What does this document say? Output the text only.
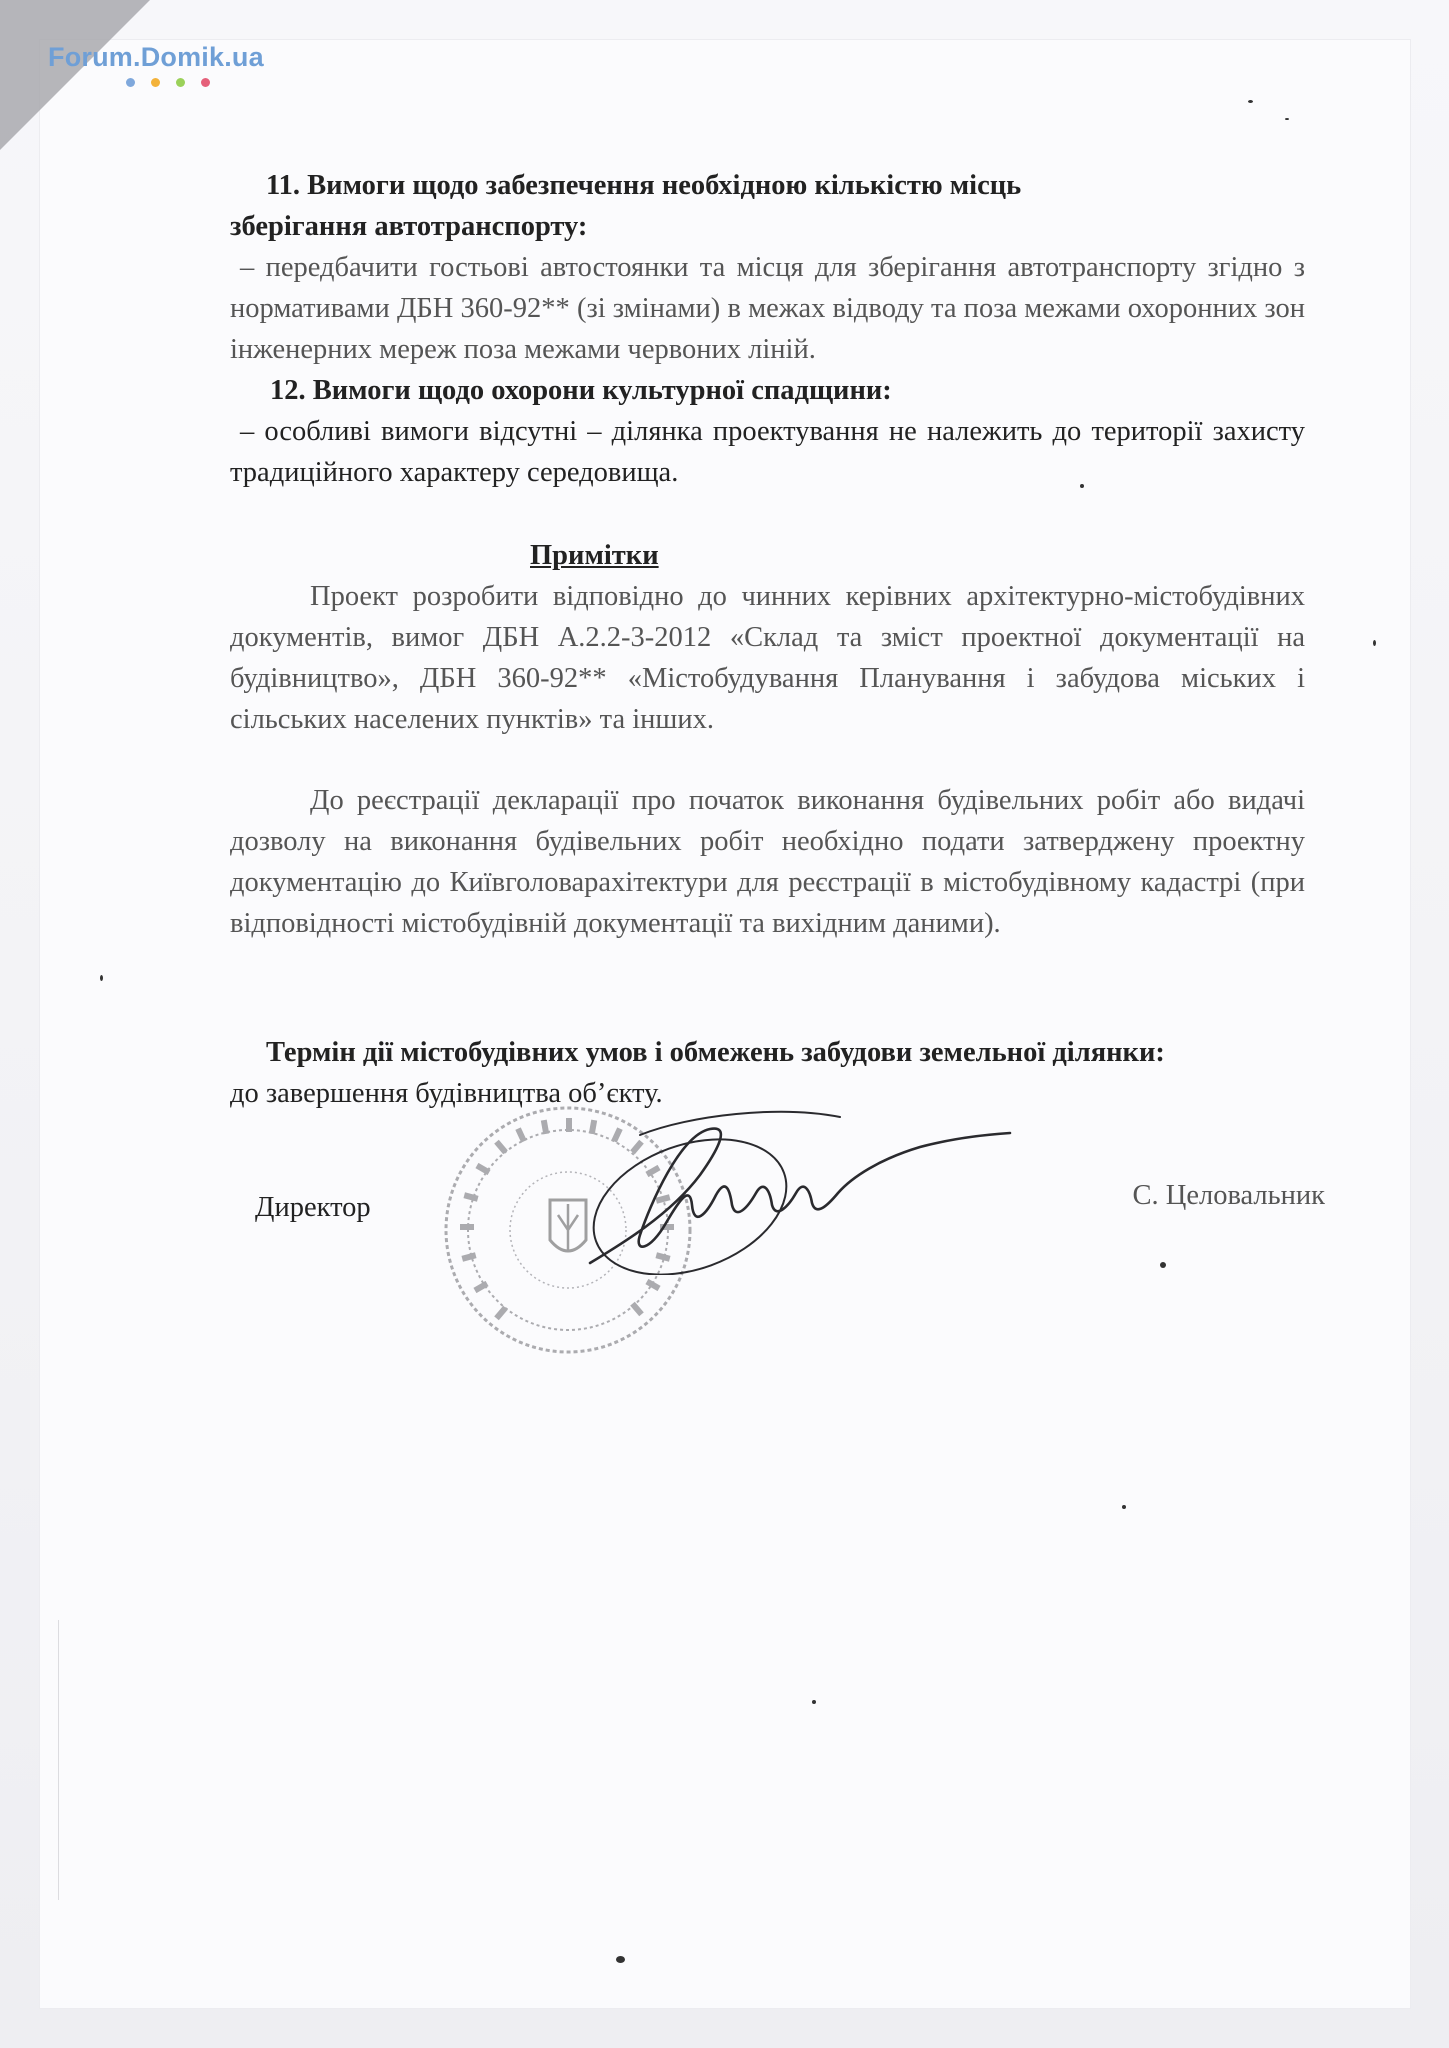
Forum.Domik.ua

11. Вимоги щодо забезпечення необхідною кількістю місць

зберігання автотранспорту:

– передбачити гостьові автостоянки та місця для зберігання автотранспорту згідно з нормативами ДБН 360-92** (зі змінами) в межах відводу та поза межами охоронних зон інженерних мереж поза межами червоних ліній.

12. Вимоги щодо охорони культурної спадщини:

– особливі вимоги відсутні – ділянка проектування не належить до території захисту традиційного характеру середовища.

Примітки

Проект розробити відповідно до чинних керівних архітектурно-містобудівних документів, вимог ДБН А.2.2-3-2012 «Склад та зміст проектної документації на будівництво», ДБН 360-92** «Містобудування Планування і забудова міських і сільських населених пунктів» та інших.

До реєстрації декларації про початок виконання будівельних робіт або видачі дозволу на виконання будівельних робіт необхідно подати затверджену проектну документацію до Київголоварахітектури для реєстрації в містобудівному кадастрі (при відповідності містобудівній документації та вихідним даними).

Термін дії містобудівних умов і обмежень забудови земельної ділянки:

до завершення будівництва об’єкту.

Директор	С. Целовальник
